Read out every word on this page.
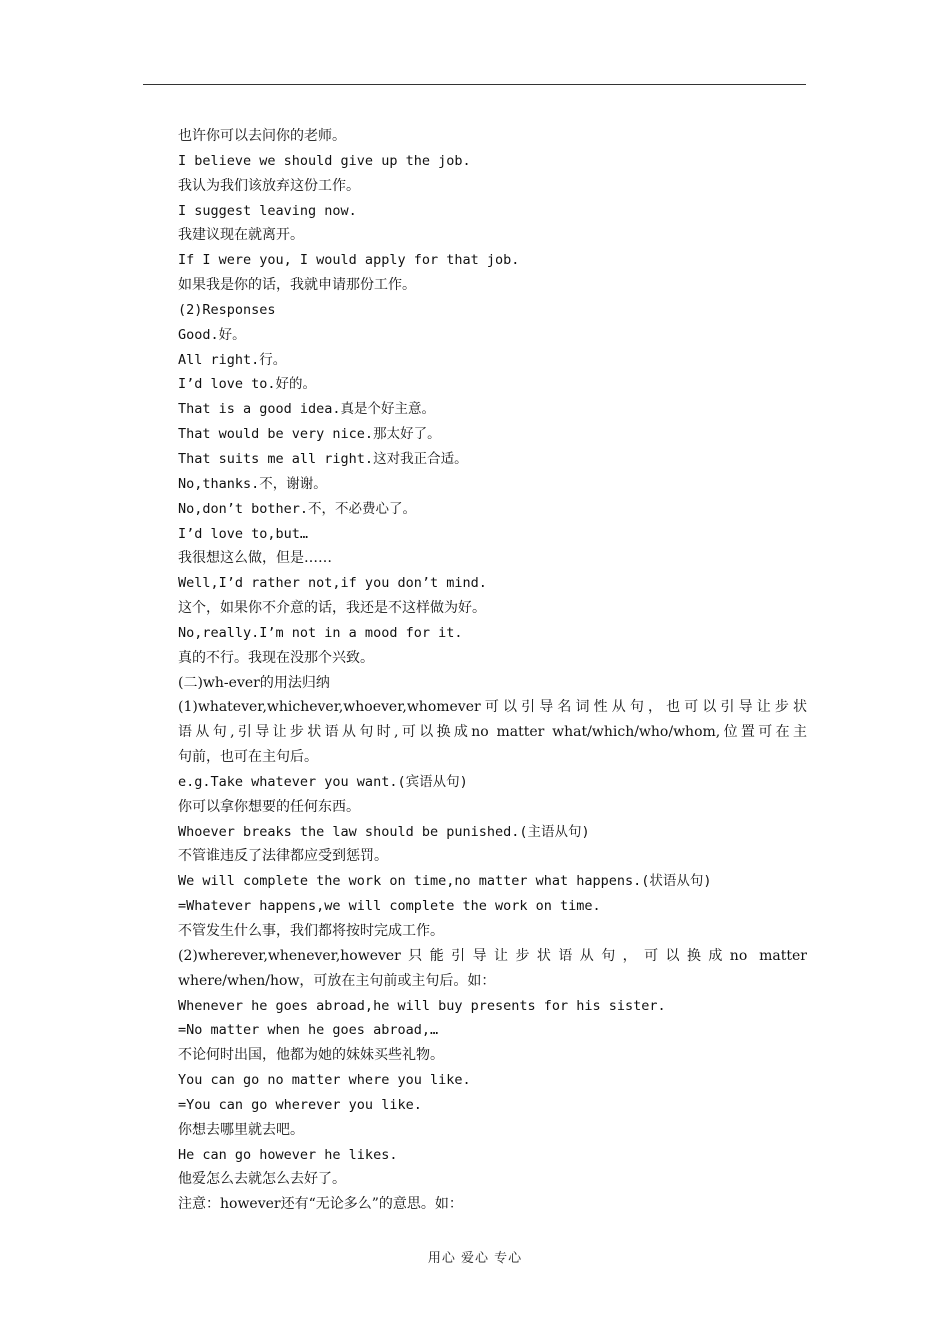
也许你可以去问你的老师。
I believe we should give up the job.
我认为我们该放弃这份工作。
I suggest leaving now.
我建议现在就离开。
If I were you, I would apply for that job.
如果我是你的话，我就申请那份工作。
(2)Responses
Good.好。
All right.行。
I’d love to.好的。
That is a good idea.真是个好主意。
That would be very nice.那太好了。
That suits me all right.这对我正合适。
No,thanks.不，谢谢。
No,don’t bother.不，不必费心了。
I’d love to,but…
我很想这么做，但是……
Well,I’d rather not,if you don’t mind.
这个，如果你不介意的话，我还是不这样做为好。
No,really.I’m not in a mood for it.
真的不行。我现在没那个兴致。
(二)wh-ever的用法归纳
(1)whatever,whichever,whoever,whomever可以引导名词性从句，也可以引导让步状
语从句,引导让步状语从句时,可以换成no matter what/which/who/whom,位置可在主
句前，也可在主句后。
e.g.Take whatever you want.(宾语从句)
你可以拿你想要的任何东西。
Whoever breaks the law should be punished.(主语从句)
不管谁违反了法律都应受到惩罚。
We will complete the work on time,no matter what happens.(状语从句)
=Whatever happens,we will complete the work on time.
不管发生什么事，我们都将按时完成工作。
(2)wherever,whenever,however只能引导让步状语从句，可以换成no matter
where/when/how，可放在主句前或主句后。如：
Whenever he goes abroad,he will buy presents for his sister.
=No matter when he goes abroad,…
不论何时出国，他都为她的妹妹买些礼物。
You can go no matter where you like.
=You can go wherever you like.
你想去哪里就去吧。
He can go however he likes.
他爱怎么去就怎么去好了。
注意：however还有“无论多么”的意思。如：
用心 爱心 专心
